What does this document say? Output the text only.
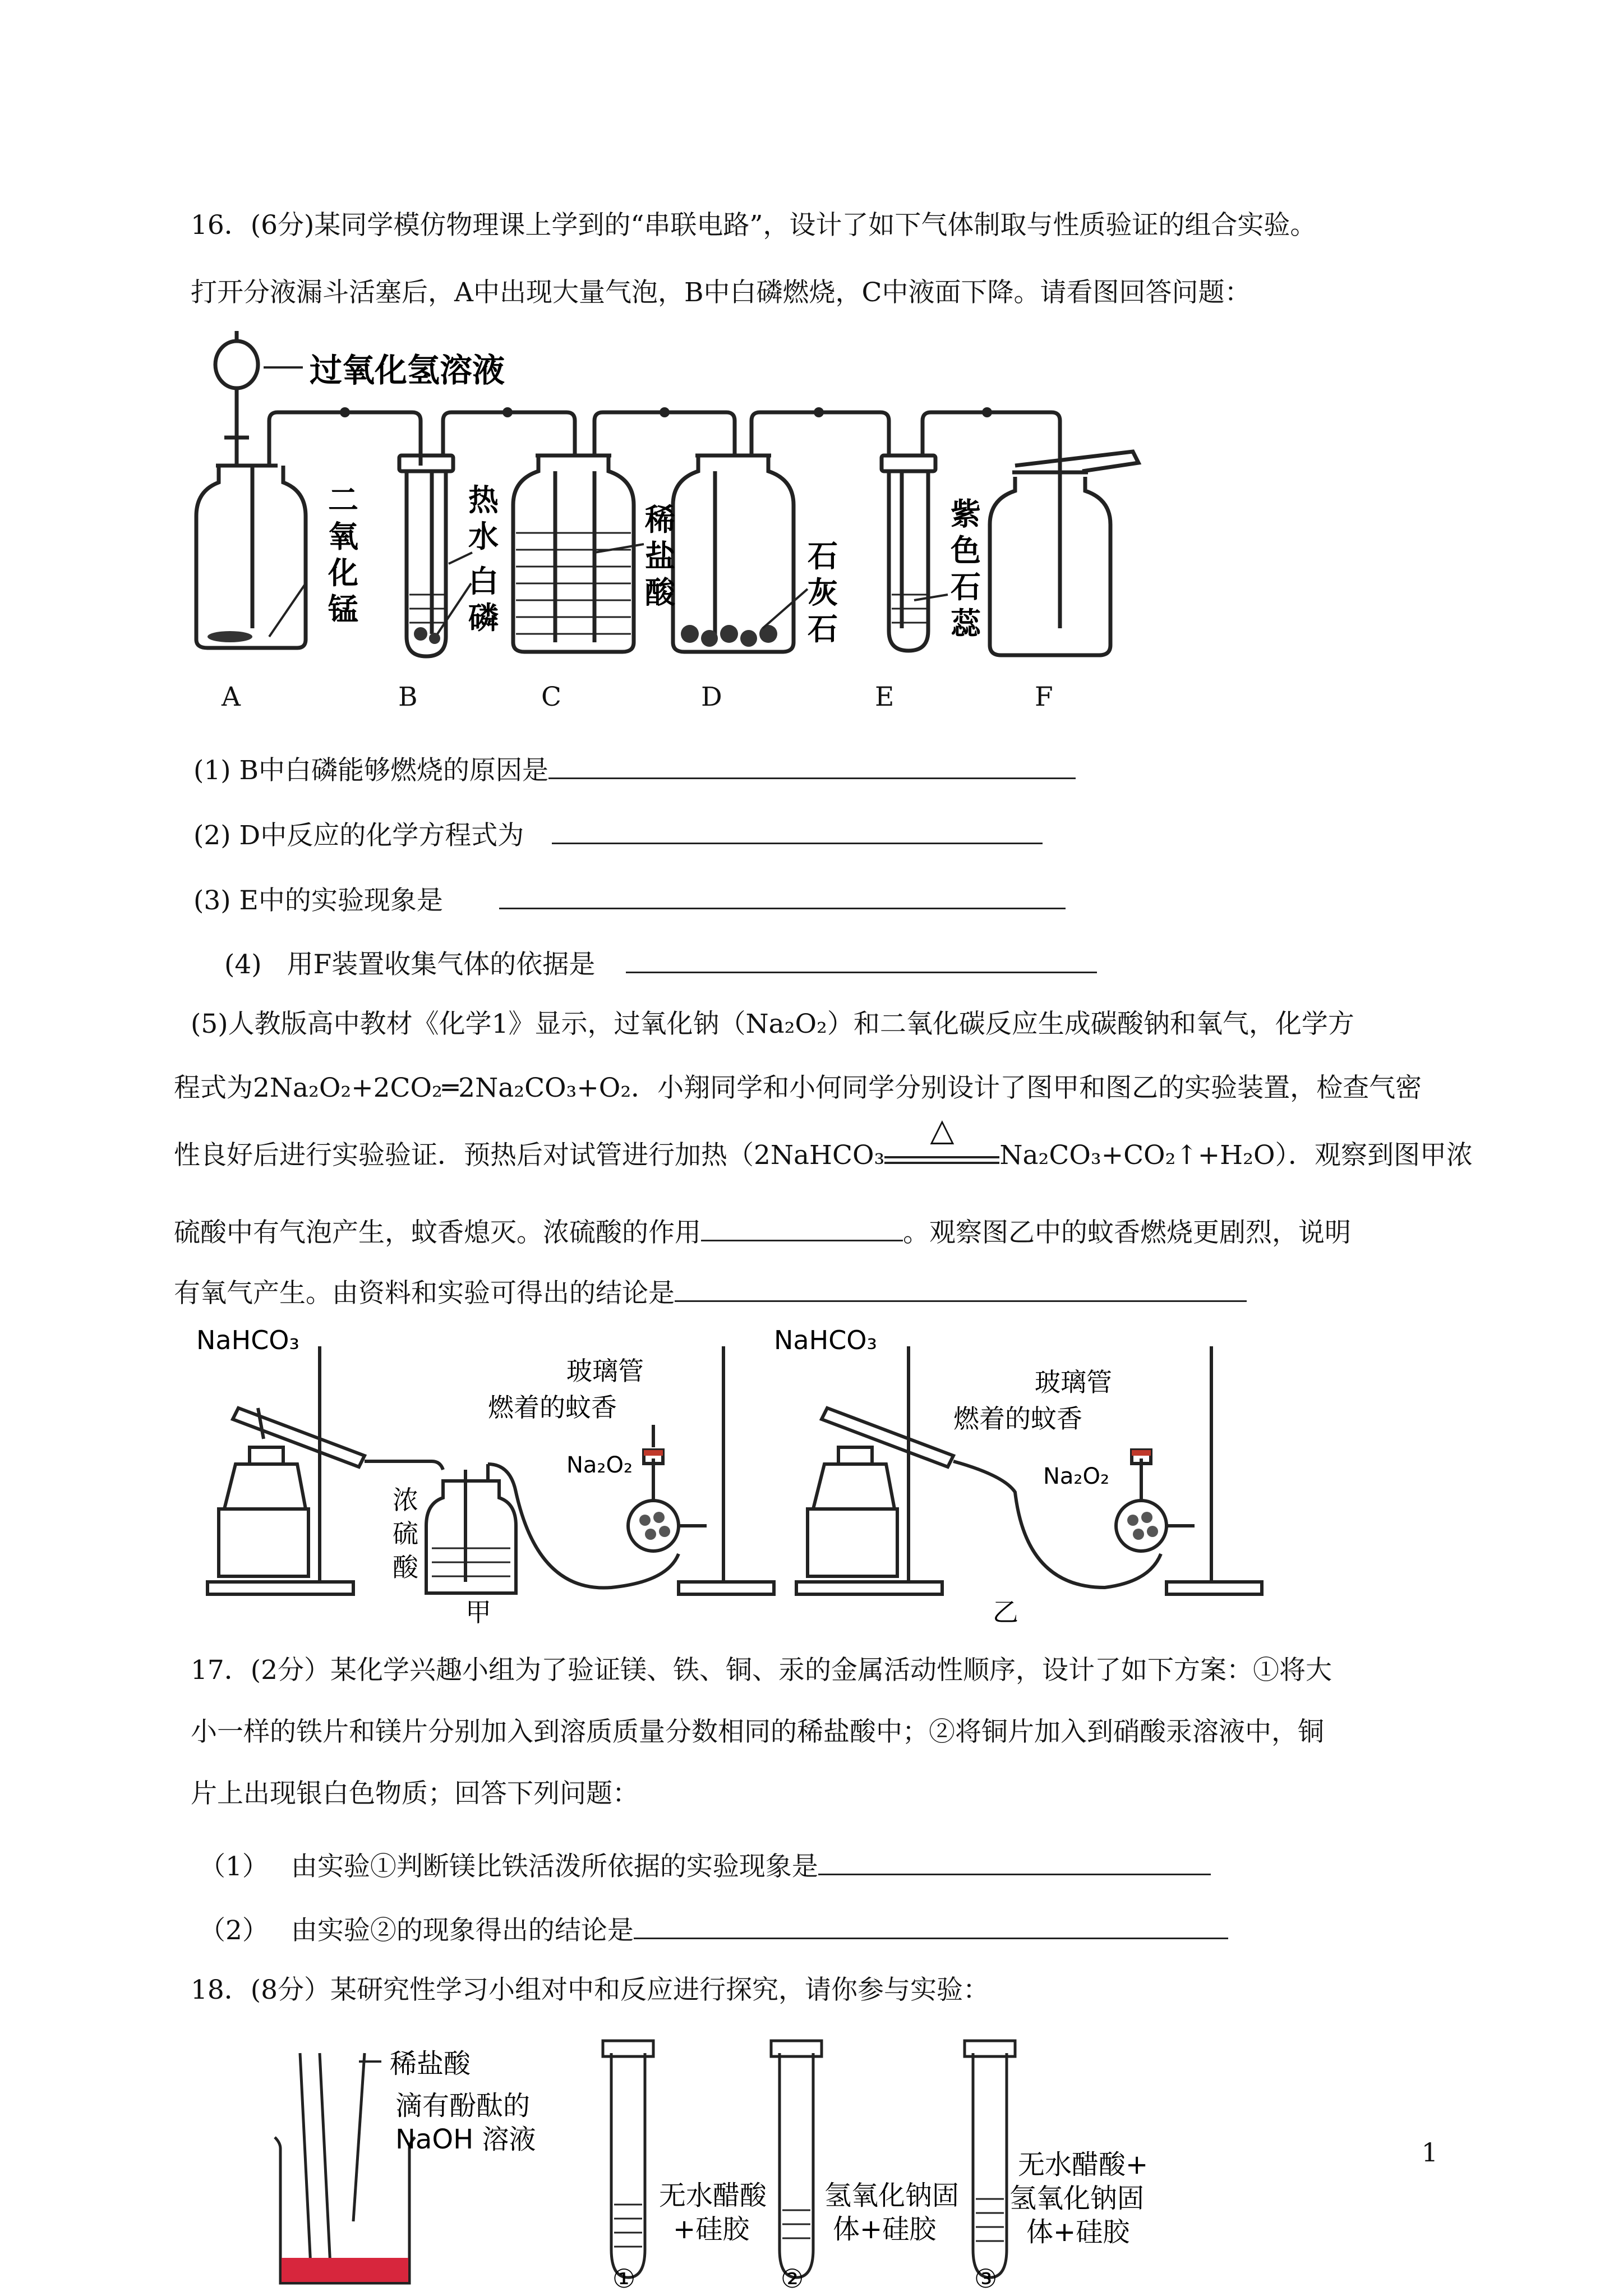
16．(6分)某同学模仿物理课上学到的“串联电路”，设计了如下气体制取与性质验证的组合实验。
打开分液漏斗活塞后，A中出现大量气泡，B中白磷燃烧，C中液面下降。请看图回答问题：
过氧化氢溶液
二氧化锰
热水
白磷
稀盐酸
石灰石
紫色石蕊
A	B	C	D	E	F
(1) B中白磷能够燃烧的原因是
(2) D中反应的化学方程式为
(3) E中的实验现象是
(4) 用F装置收集气体的依据是
(5)人教版高中教材《化学1》显示，过氧化钠（Na₂O₂）和二氧化碳反应生成碳酸钠和氧气，化学方
程式为2Na₂O₂+2CO₂═2Na₂CO₃+O₂．小翔同学和小何同学分别设计了图甲和图乙的实验装置，检查气密
性良好后进行实验验证．预热后对试管进行加热（2NaHCO₃
△
Na₂CO₃+CO₂↑+H₂O）．观察到图甲浓
硫酸中有气泡产生，蚊香熄灭。浓硫酸的作用	。观察图乙中的蚊香燃烧更剧烈，说明
有氧气产生。由资料和实验可得出的结论是
NaHCO₃
玻璃管
燃着的蚊香
Na₂O₂
NaHCO₃
玻璃管
燃着的蚊香
Na₂O₂
浓硫酸
甲	乙
17．(2分）某化学兴趣小组为了验证镁、铁、铜、汞的金属活动性顺序，设计了如下方案：①将大
小一样的铁片和镁片分别加入到溶质质量分数相同的稀盐酸中；②将铜片加入到硝酸汞溶液中，铜
片上出现银白色物质；回答下列问题：
（1） 由实验①判断镁比铁活泼所依据的实验现象是
（2） 由实验②的现象得出的结论是
18．(8分）某研究性学习小组对中和反应进行探究，请你参与实验：
稀盐酸
滴有酚酞的
NaOH 溶液
无水醋酸
+硅胶
氢氧化钠固
体+硅胶
无水醋酸+
氢氧化钠固
体+硅胶
①	②	③
1
